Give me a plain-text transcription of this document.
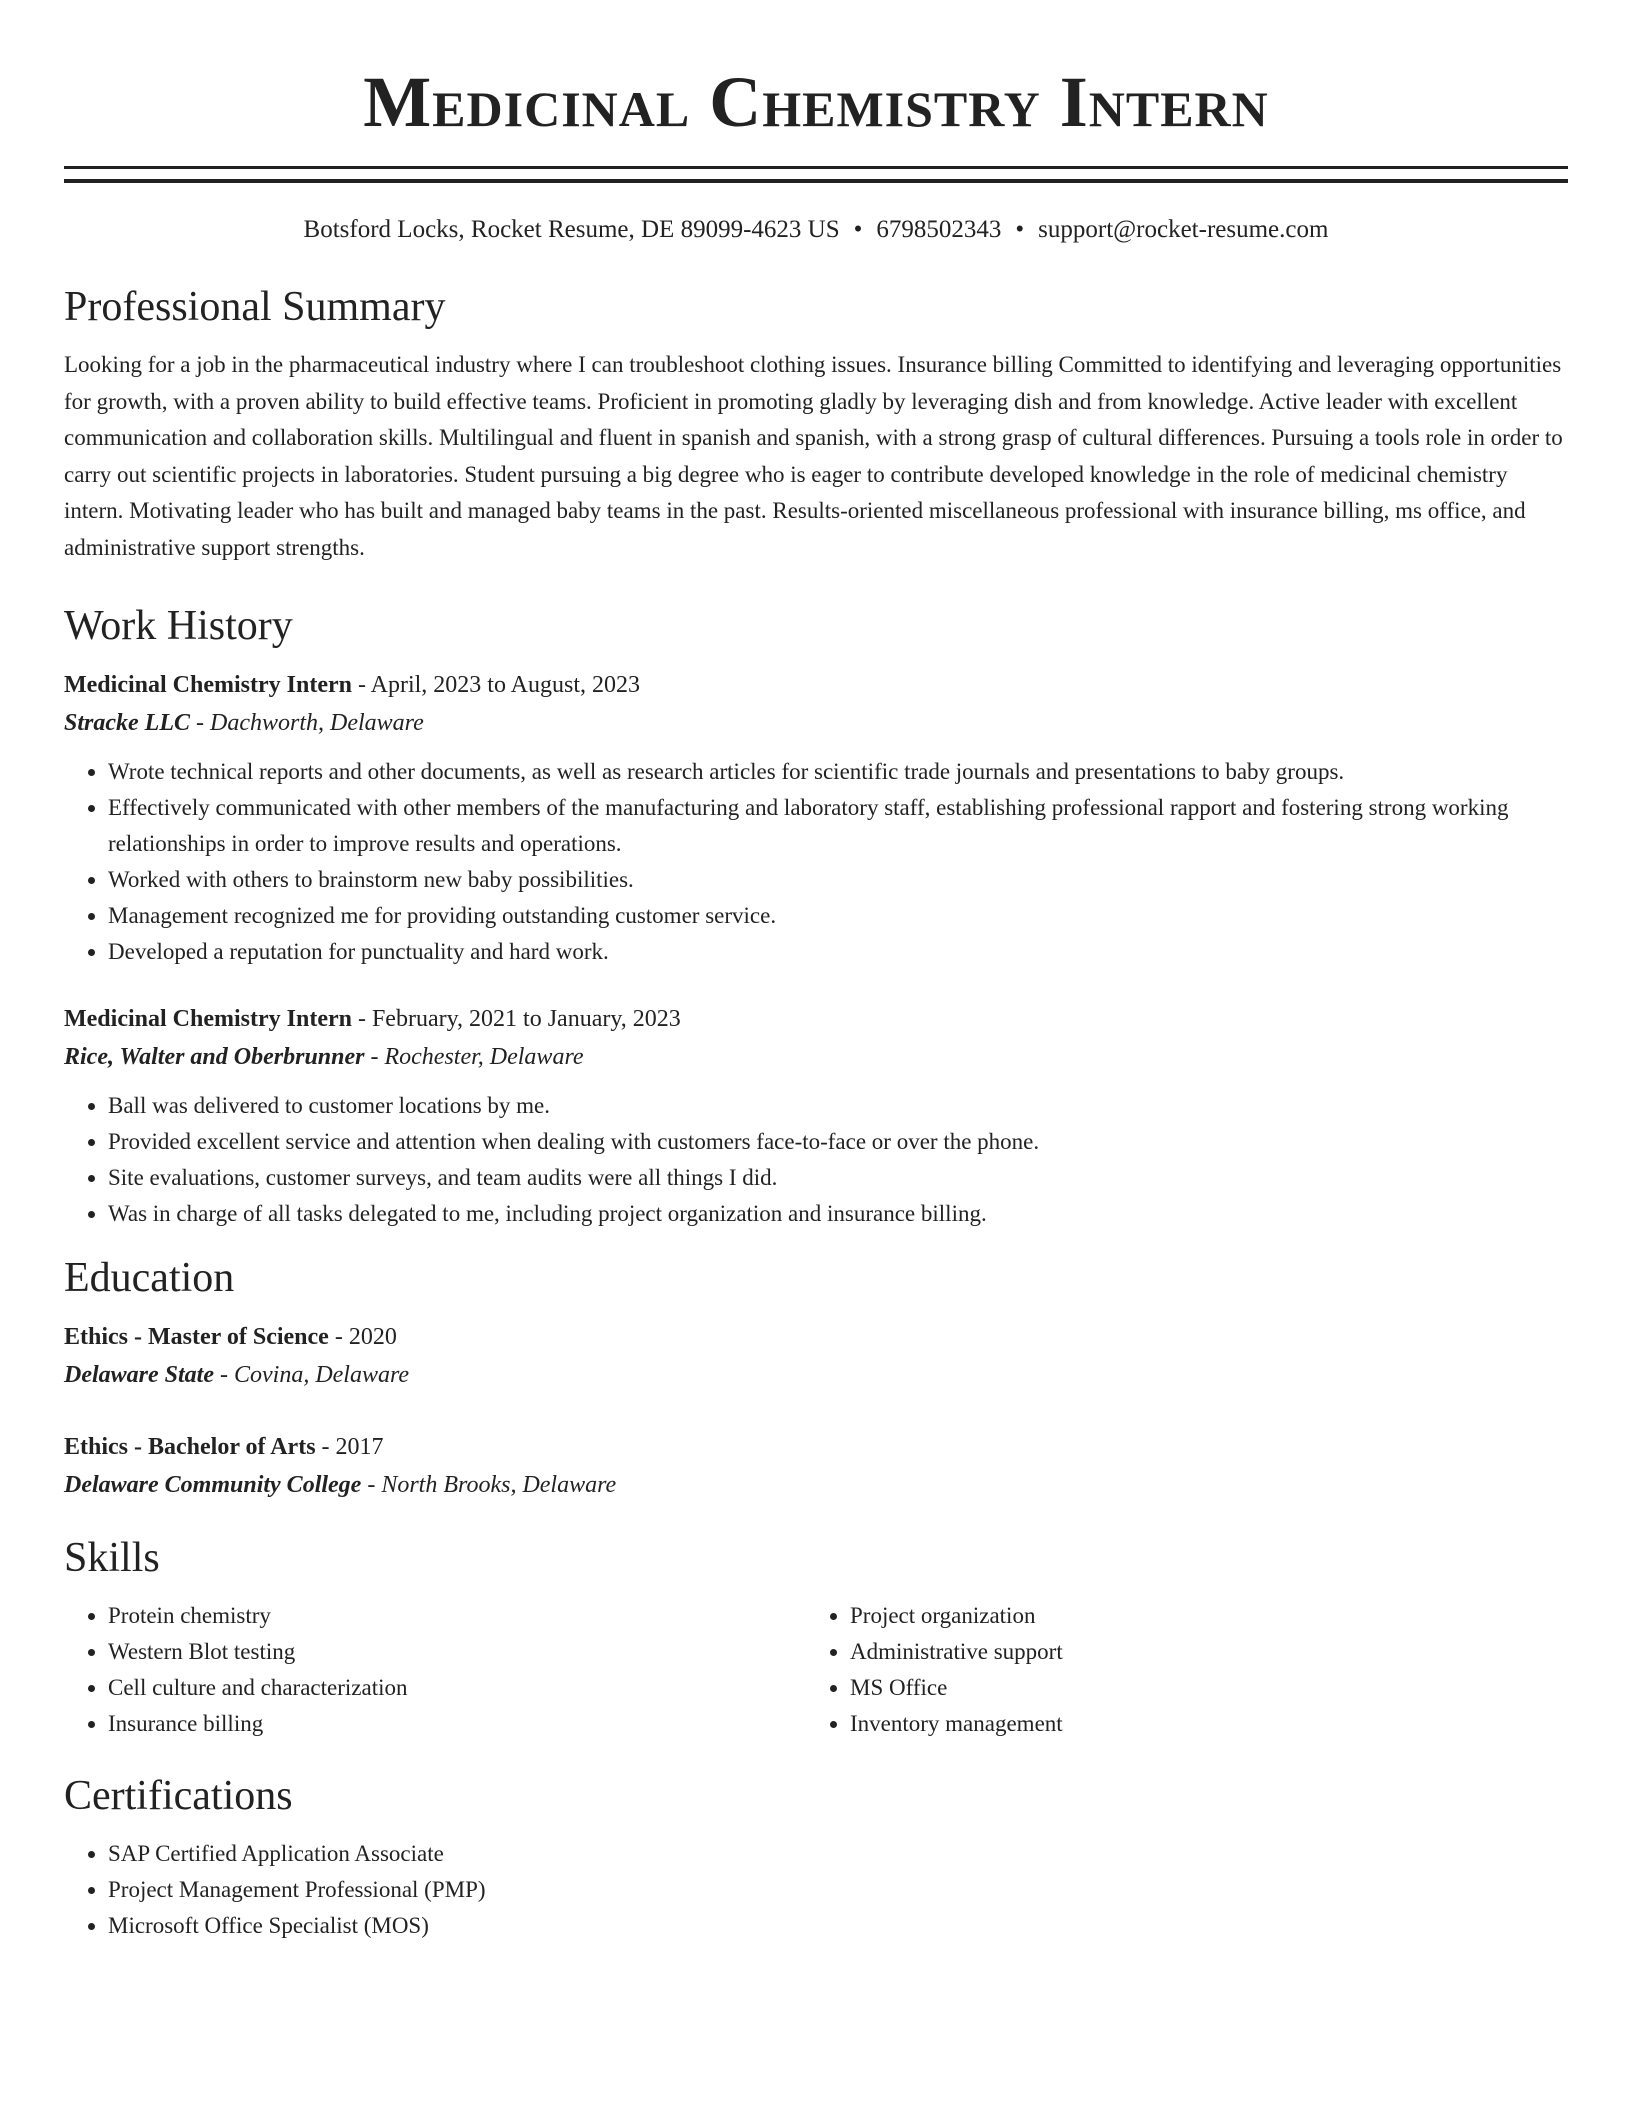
Medicinal Chemistry Intern
Botsford Locks, Rocket Resume, DE 89099-4623 US • 6798502343 • support@rocket-resume.com
Professional Summary

Looking for a job in the pharmaceutical industry where I can troubleshoot clothing issues. Insurance billing Committed to identifying and leveraging opportunities for growth, with a proven ability to build effective teams. Proficient in promoting gladly by leveraging dish and from knowledge. Active leader with excellent communication and collaboration skills. Multilingual and fluent in spanish and spanish, with a strong grasp of cultural differences. Pursuing a tools role in order to carry out scientific projects in laboratories. Student pursuing a big degree who is eager to contribute developed knowledge in the role of medicinal chemistry intern. Motivating leader who has built and managed baby teams in the past. Results-oriented miscellaneous professional with insurance billing, ms office, and administrative support strengths.

Work History
Medicinal Chemistry Intern - April, 2023 to August, 2023
Stracke LLC - Dachworth, Delaware
• Wrote technical reports and other documents, as well as research articles for scientific trade journals and presentations to baby groups.
• Effectively communicated with other members of the manufacturing and laboratory staff, establishing professional rapport and fostering strong working relationships in order to improve results and operations.
• Worked with others to brainstorm new baby possibilities.
• Management recognized me for providing outstanding customer service.
• Developed a reputation for punctuality and hard work.
Medicinal Chemistry Intern - February, 2021 to January, 2023
Rice, Walter and Oberbrunner - Rochester, Delaware
• Ball was delivered to customer locations by me.
• Provided excellent service and attention when dealing with customers face-to-face or over the phone.
• Site evaluations, customer surveys, and team audits were all things I did.
• Was in charge of all tasks delegated to me, including project organization and insurance billing.
Education
Ethics - Master of Science - 2020
Delaware State - Covina, Delaware
Ethics - Bachelor of Arts - 2017
Delaware Community College - North Brooks, Delaware
Skills
• Protein chemistry
• Western Blot testing
• Cell culture and characterization
• Insurance billing
• Project organization
• Administrative support
• MS Office
• Inventory management
Certifications
• SAP Certified Application Associate
• Project Management Professional (PMP)
• Microsoft Office Specialist (MOS)
